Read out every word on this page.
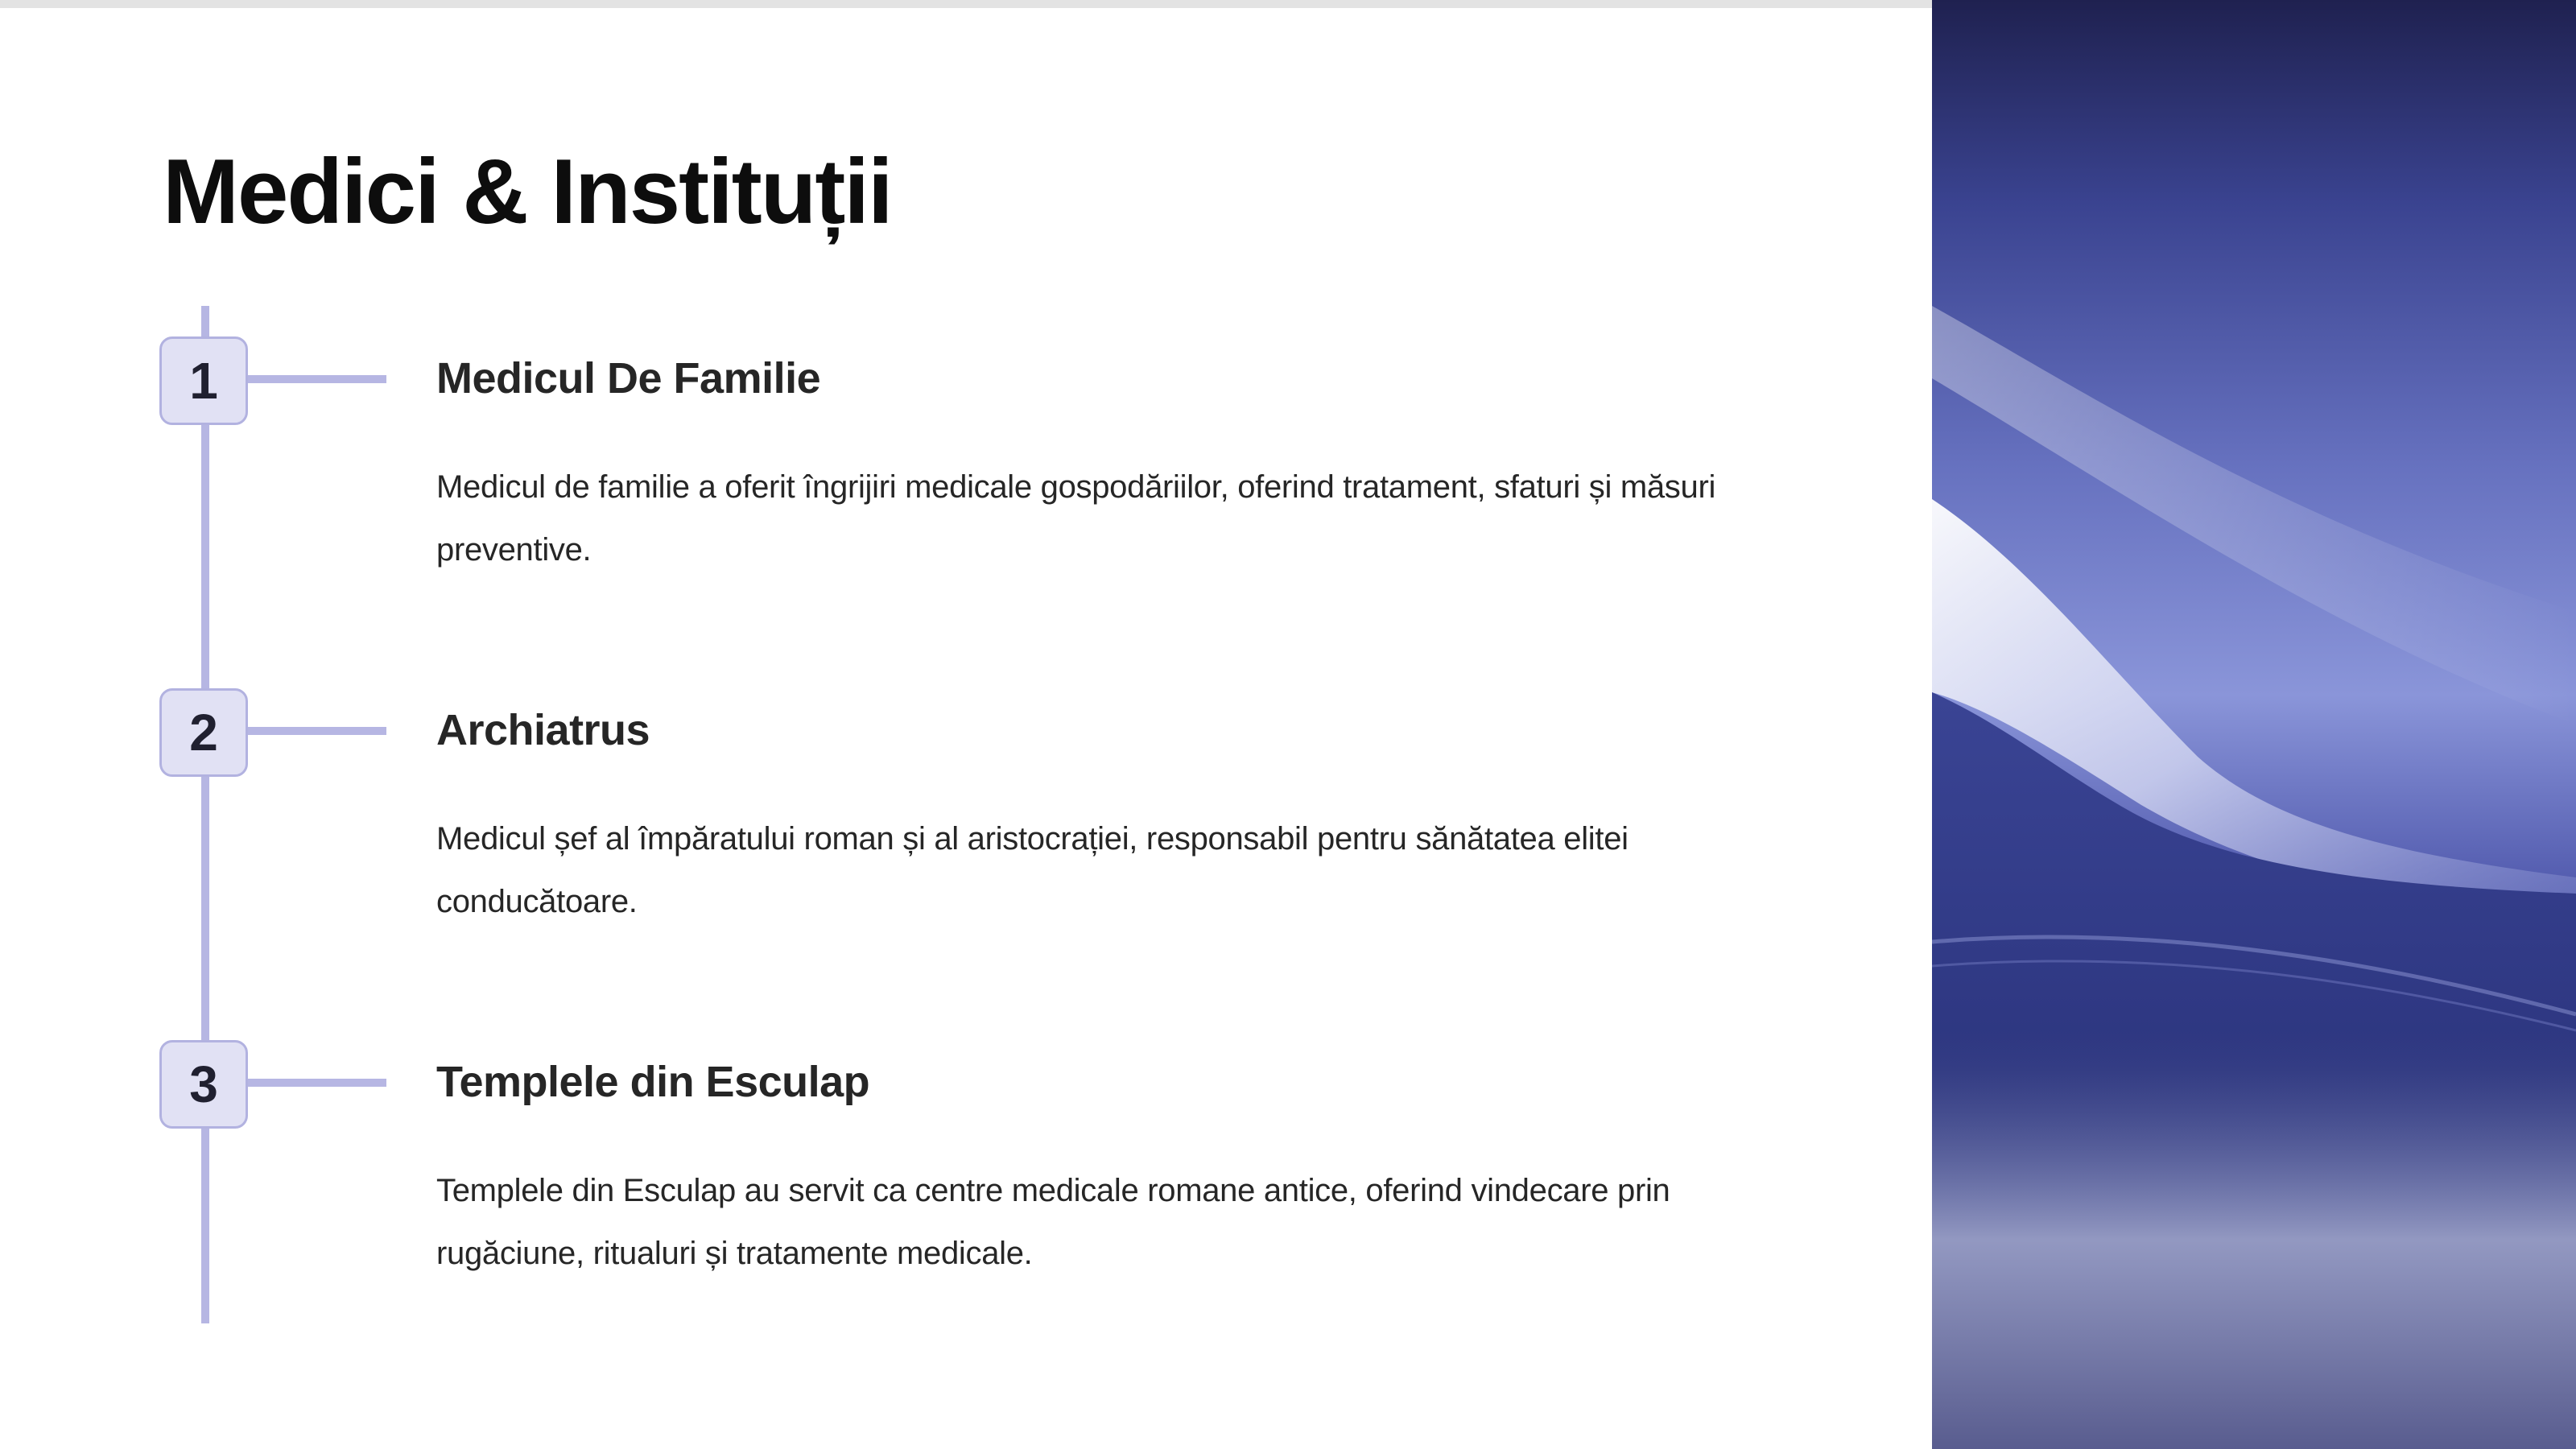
Medici & Instituții
1	Medicul De Familie

Medicul de familie a oferit îngrijiri medicale gospodăriilor, oferind tratament, sfaturi și măsuri preventive.

2	Archiatrus

Medicul șef al împăratului roman și al aristocrației, responsabil pentru sănătatea elitei conducătoare.

3	Templele din Esculap

Templele din Esculap au servit ca centre medicale romane antice, oferind vindecare prin rugăciune, ritualuri și tratamente medicale.
